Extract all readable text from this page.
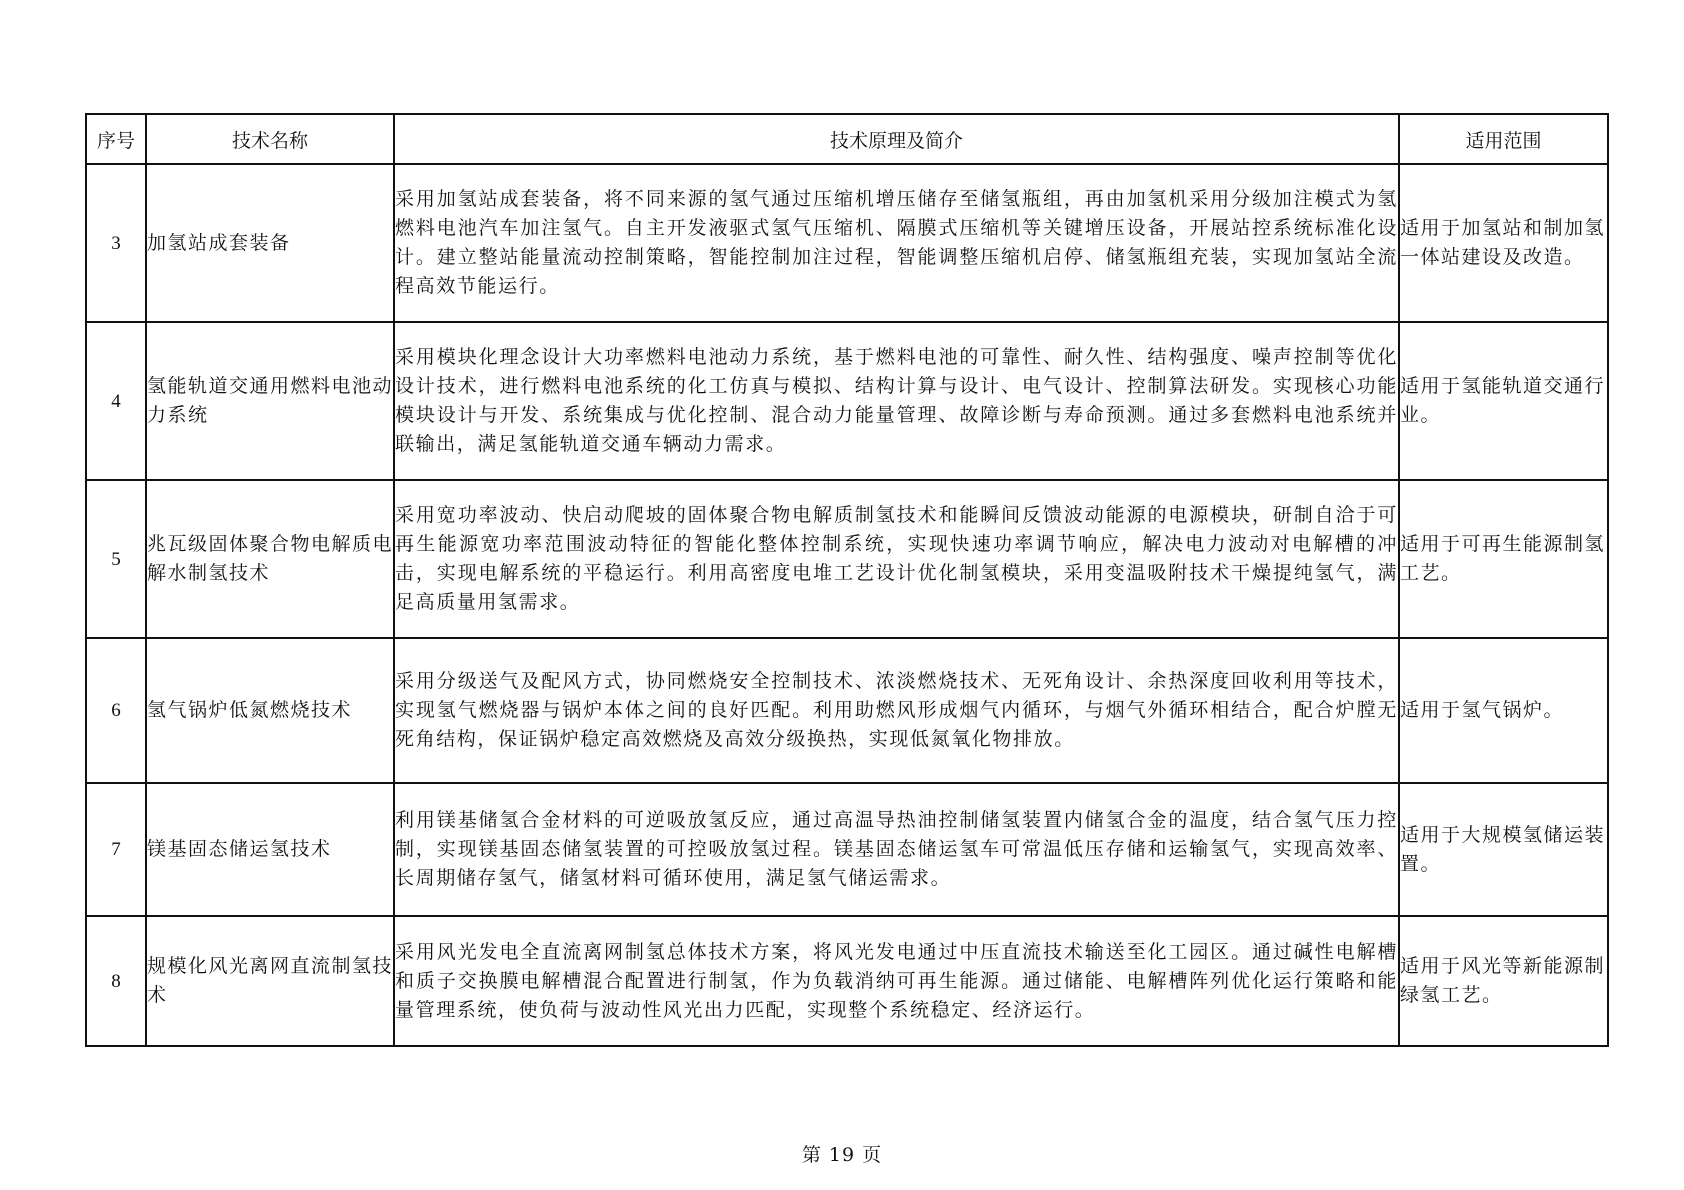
序号	技术名称	技术原理及简介	适用范围
3	加氢站成套装备	采用加氢站成套装备，将不同来源的氢气通过压缩机增压储存至储氢瓶组，再由加氢机采用分级加注模式为氢燃料电池汽车加注氢气。自主开发液驱式氢气压缩机、隔膜式压缩机等关键增压设备，开展站控系统标准化设计。建立整站能量流动控制策略，智能控制加注过程，智能调整压缩机启停、储氢瓶组充装，实现加氢站全流程高效节能运行。	适用于加氢站和制加氢一体站建设及改造。

4	氢能轨道交通用燃料电池动力系统	采用模块化理念设计大功率燃料电池动力系统，基于燃料电池的可靠性、耐久性、结构强度、噪声控制等优化设计技术，进行燃料电池系统的化工仿真与模拟、结构计算与设计、电气设计、控制算法研发。实现核心功能模块设计与开发、系统集成与优化控制、混合动力能量管理、故障诊断与寿命预测。通过多套燃料电池系统并联输出，满足氢能轨道交通车辆动力需求。	适用于氢能轨道交通行业。

5	兆瓦级固体聚合物电解质电解水制氢技术	采用宽功率波动、快启动爬坡的固体聚合物电解质制氢技术和能瞬间反馈波动能源的电源模块，研制自洽于可再生能源宽功率范围波动特征的智能化整体控制系统，实现快速功率调节响应，解决电力波动对电解槽的冲击，实现电解系统的平稳运行。利用高密度电堆工艺设计优化制氢模块，采用变温吸附技术干燥提纯氢气，满足高质量用氢需求。	适用于可再生能源制氢工艺。

6	氢气锅炉低氮燃烧技术	采用分级送气及配风方式，协同燃烧安全控制技术、浓淡燃烧技术、无死角设计、余热深度回收利用等技术，实现氢气燃烧器与锅炉本体之间的良好匹配。利用助燃风形成烟气内循环，与烟气外循环相结合，配合炉膛无死角结构，保证锅炉稳定高效燃烧及高效分级换热，实现低氮氧化物排放。	适用于氢气锅炉。

7	镁基固态储运氢技术	利用镁基储氢合金材料的可逆吸放氢反应，通过高温导热油控制储氢装置内储氢合金的温度，结合氢气压力控制，实现镁基固态储氢装置的可控吸放氢过程。镁基固态储运氢车可常温低压存储和运输氢气，实现高效率、长周期储存氢气，储氢材料可循环使用，满足氢气储运需求。	适用于大规模氢储运装置。

8	规模化风光离网直流制氢技术	采用风光发电全直流离网制氢总体技术方案，将风光发电通过中压直流技术输送至化工园区。通过碱性电解槽和质子交换膜电解槽混合配置进行制氢，作为负载消纳可再生能源。通过储能、电解槽阵列优化运行策略和能量管理系统，使负荷与波动性风光出力匹配，实现整个系统稳定、经济运行。	适用于风光等新能源制绿氢工艺。
第 19 页
